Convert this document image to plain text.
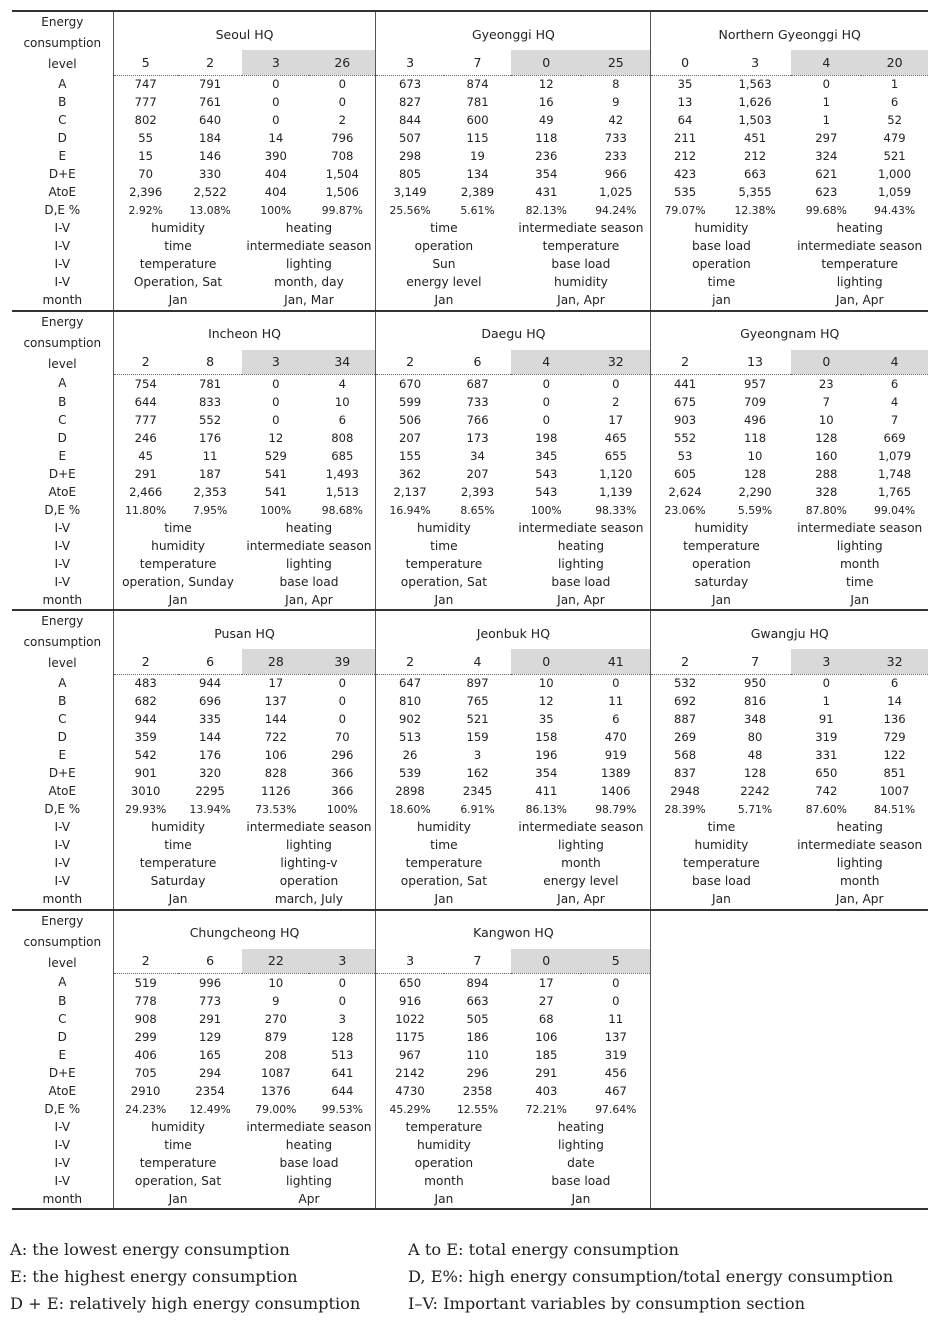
Energy
consumption
level	Seoul HQ				Gyeonggi HQ				Northern Gyeonggi HQ			
	5	2	3	26	3	7	0	25	0	3	4	20
A	747	791	0	0	673	874	12	8	35	1,563	0	1
B	777	761	0	0	827	781	16	9	13	1,626	1	6
C	802	640	0	2	844	600	49	42	64	1,503	1	52
D	55	184	14	796	507	115	118	733	211	451	297	479
E	15	146	390	708	298	19	236	233	212	212	324	521
D+E	70	330	404	1,504	805	134	354	966	423	663	621	1,000
AtoE	2,396	2,522	404	1,506	3,149	2,389	431	1,025	535	5,355	623	1,059
D,E %	2.92%	13.08%	100%	99.87%	25.56%	5.61%	82.13%	94.24%	79.07%	12.38%	99.68%	94.43%
I-V	humidity		heating		time		intermediate season		humidity		heating	
I-V	time		intermediate season		operation		temperature		base load		intermediate season	
I-V	temperature		lighting		Sun		base load		operation		temperature	
I-V	Operation, Sat		month, day		energy level		humidity		time		lighting	
month	Jan		Jan, Mar		Jan		Jan, Apr		jan		Jan, Apr	

Energy
consumption
level	Incheon HQ				Daegu HQ				Gyeongnam HQ			
	2	8	3	34	2	6	4	32	2	13	0	4
A	754	781	0	4	670	687	0	0	441	957	23	6
B	644	833	0	10	599	733	0	2	675	709	7	4
C	777	552	0	6	506	766	0	17	903	496	10	7
D	246	176	12	808	207	173	198	465	552	118	128	669
E	45	11	529	685	155	34	345	655	53	10	160	1,079
D+E	291	187	541	1,493	362	207	543	1,120	605	128	288	1,748
AtoE	2,466	2,353	541	1,513	2,137	2,393	543	1,139	2,624	2,290	328	1,765
D,E %	11.80%	7.95%	100%	98.68%	16.94%	8.65%	100%	98.33%	23.06%	5.59%	87.80%	99.04%
I-V	time		heating		humidity		intermediate season		humidity		intermediate season	
I-V	humidity		intermediate season		time		heating		temperature		lighting	
I-V	temperature		lighting		temperature		lighting		operation		month	
I-V	operation, Sunday		base load		operation, Sat		base load		saturday		time	
month	Jan		Jan, Apr		Jan		Jan, Apr		Jan		Jan	

Energy
consumption
level	Pusan HQ				Jeonbuk HQ				Gwangju HQ			
	2	6	28	39	2	4	0	41	2	7	3	32
A	483	944	17	0	647	897	10	0	532	950	0	6
B	682	696	137	0	810	765	12	11	692	816	1	14
C	944	335	144	0	902	521	35	6	887	348	91	136
D	359	144	722	70	513	159	158	470	269	80	319	729
E	542	176	106	296	26	3	196	919	568	48	331	122
D+E	901	320	828	366	539	162	354	1389	837	128	650	851
AtoE	3010	2295	1126	366	2898	2345	411	1406	2948	2242	742	1007
D,E %	29.93%	13.94%	73.53%	100%	18.60%	6.91%	86.13%	98.79%	28.39%	5.71%	87.60%	84.51%
I-V	humidity		intermediate season		humidity		intermediate season		time		heating	
I-V	time		lighting		time		lighting		humidity		intermediate season	
I-V	temperature		lighting-v		temperature		month		temperature		lighting	
I-V	Saturday		operation		operation, Sat		energy level		base load		month	
month	Jan		march, July		Jan		Jan, Apr		Jan		Jan, Apr	

Energy
consumption
level	Chungcheong HQ				Kangwon HQ							
	2	6	22	3	3	7	0	5				
A	519	996	10	0	650	894	17	0				
B	778	773	9	0	916	663	27	0				
C	908	291	270	3	1022	505	68	11				
D	299	129	879	128	1175	186	106	137				
E	406	165	208	513	967	110	185	319				
D+E	705	294	1087	641	2142	296	291	456				
AtoE	2910	2354	1376	644	4730	2358	403	467				
D,E %	24.23%	12.49%	79.00%	99.53%	45.29%	12.55%	72.21%	97.64%				
I-V	humidity		intermediate season		temperature		heating					
I-V	time		heating		humidity		lighting					
I-V	temperature		base load		operation		date					
I-V	operation, Sat		lighting		month		base load					
month	Jan		Apr		Jan		Jan					
A: the lowest energy consumption	A to E: total energy consumption
E: the highest energy consumption	D, E%: high energy consumption/total energy consumption
D + E: relatively high energy consumption	I–V: Important variables by consumption section
